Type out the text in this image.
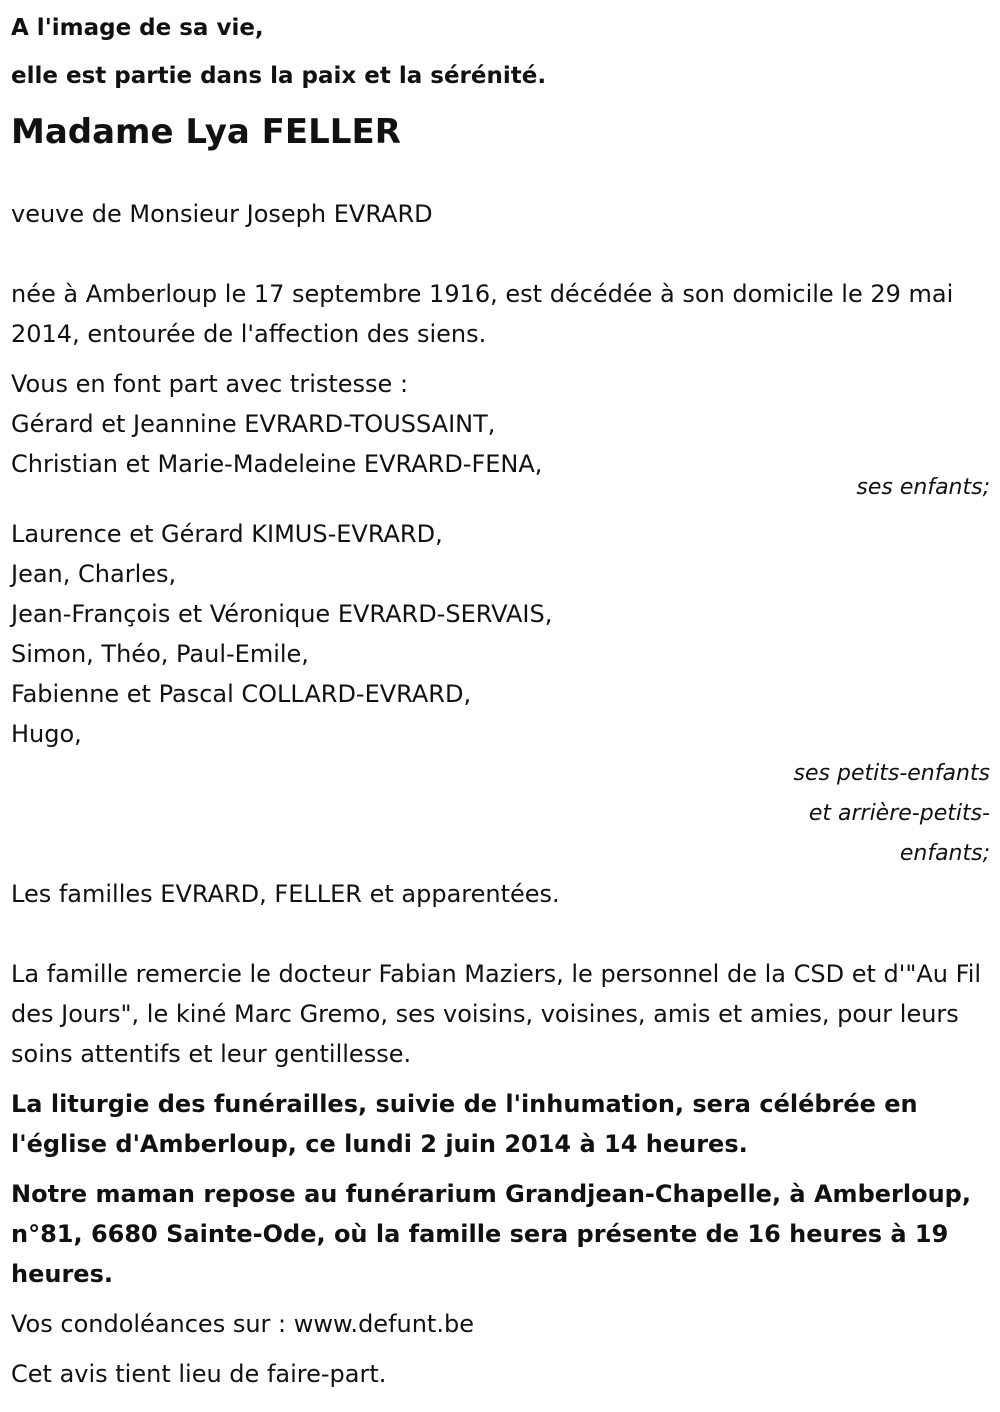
A l'image de sa vie,
elle est partie dans la paix et la sérénité.
Madame Lya FELLER
veuve de Monsieur Joseph EVRARD

née à Amberloup le 17 septembre 1916, est décédée à son domicile le 29 mai 2014, entourée de l'affection des siens.

Vous en font part avec tristesse :
Gérard et Jeannine EVRARD-TOUSSAINT,
Christian et Marie-Madeleine EVRARD-FENA,
ses enfants;
Laurence et Gérard KIMUS-EVRARD,
Jean, Charles,
Jean-François et Véronique EVRARD-SERVAIS,
Simon, Théo, Paul-Emile,
Fabienne et Pascal COLLARD-EVRARD,
Hugo,
ses petits-enfants
et arrière-petits-
enfants;
Les familles EVRARD, FELLER et apparentées.

La famille remercie le docteur Fabian Maziers, le personnel de la CSD et d'"Au Fil des Jours", le kiné Marc Gremo, ses voisins, voisines, amis et amies, pour leurs soins attentifs et leur gentillesse.

La liturgie des funérailles, suivie de l'inhumation, sera célébrée en l'église d'Amberloup, ce lundi 2 juin 2014 à 14 heures.

Notre maman repose au funérarium Grandjean-Chapelle, à Amberloup, n°81, 6680 Sainte-Ode, où la famille sera présente de 16 heures à 19 heures.

Vos condoléances sur : www.defunt.be
Cet avis tient lieu de faire-part.
